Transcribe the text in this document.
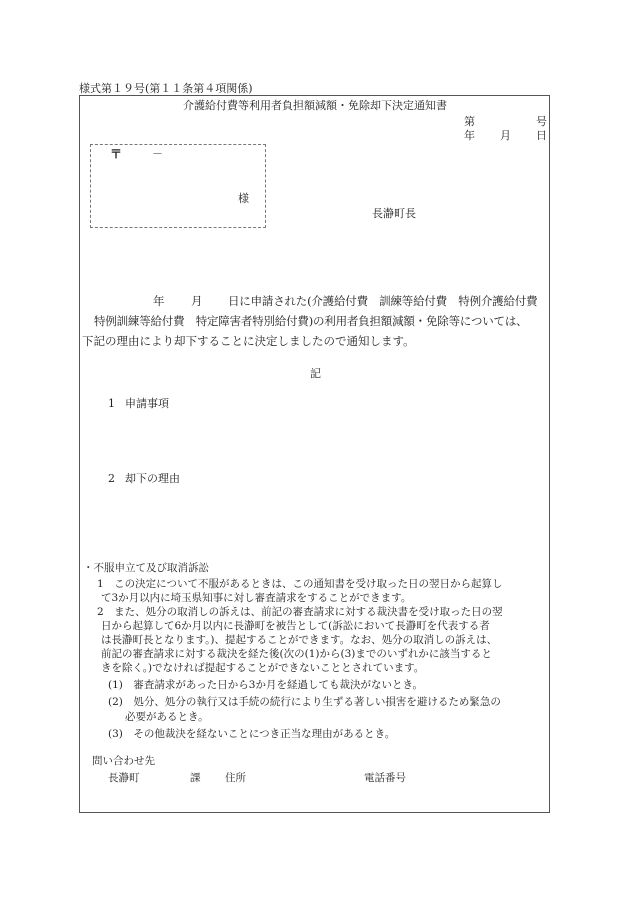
様式第１９号(第１１条第４項関係)
介護給付費等利用者負担額減額・免除却下決定通知書
第	号
年 月 日
〒	－
様
長瀞町長
年 月 日に申請された(介護給付費　訓練等給付費　特例介護給付費
特例訓練等給付費　特定障害者特別給付費)の利用者負担額減額・免除等については、
下記の理由により却下することに決定しましたので通知します。
記
1 申請事項
2 却下の理由
・不服申立て及び取消訴訟
1　この決定について不服があるときは、この通知書を受け取った日の翌日から起算し
て3か月以内に埼玉県知事に対し審査請求をすることができます。
2　また、処分の取消しの訴えは、前記の審査請求に対する裁決書を受け取った日の翌
日から起算して6か月以内に長瀞町を被告として(訴訟において長瀞町を代表する者
は長瀞町長となります。)、提起することができます。なお、処分の取消しの訴えは、
前記の審査請求に対する裁決を経た後(次の(1)から(3)までのいずれかに該当すると
きを除く。)でなければ提起することができないこととされています。
(1)　審査請求があった日から3か月を経過しても裁決がないとき。
(2)　処分、処分の執行又は手続の続行により生ずる著しい損害を避けるため緊急の
必要があるとき。
(3)　その他裁決を経ないことにつき正当な理由があるとき。
問い合わせ先
長瀞町	課 住所	電話番号
